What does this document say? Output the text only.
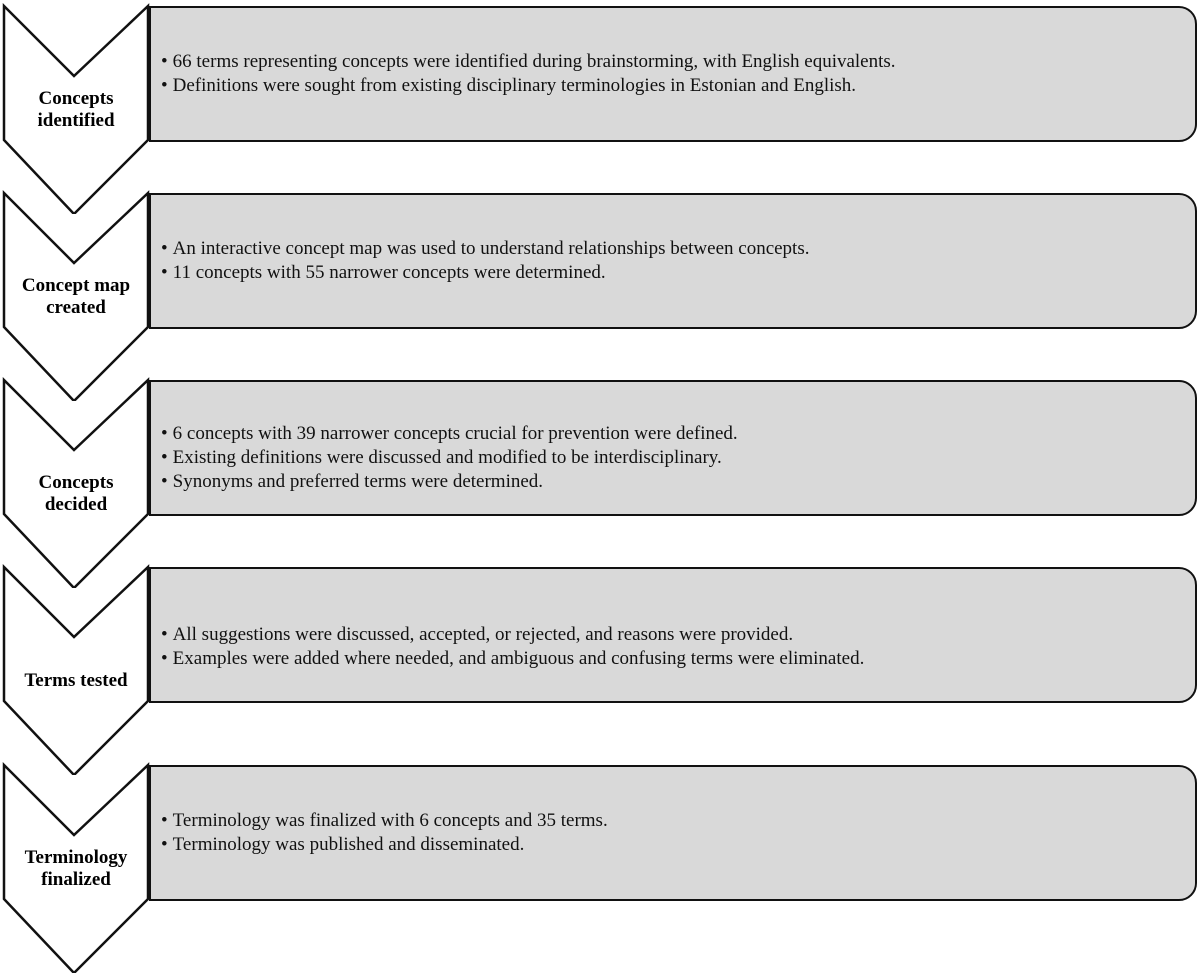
Concepts
identified
• 66 terms representing concepts were identified during brainstorming, with English equivalents.
• Definitions were sought from existing disciplinary terminologies in Estonian and English.
Concept map
created
• An interactive concept map was used to understand relationships between concepts.
• 11 concepts with 55 narrower concepts were determined.
Concepts
decided
• 6 concepts with 39 narrower concepts crucial for prevention were defined.
• Existing definitions were discussed and modified to be interdisciplinary.
• Synonyms and preferred terms were determined.
Terms tested
• All suggestions were discussed, accepted, or rejected, and reasons were provided.
• Examples were added where needed, and ambiguous and confusing terms were eliminated.
Terminology
finalized
• Terminology was finalized with 6 concepts and 35 terms.
• Terminology was published and disseminated.
